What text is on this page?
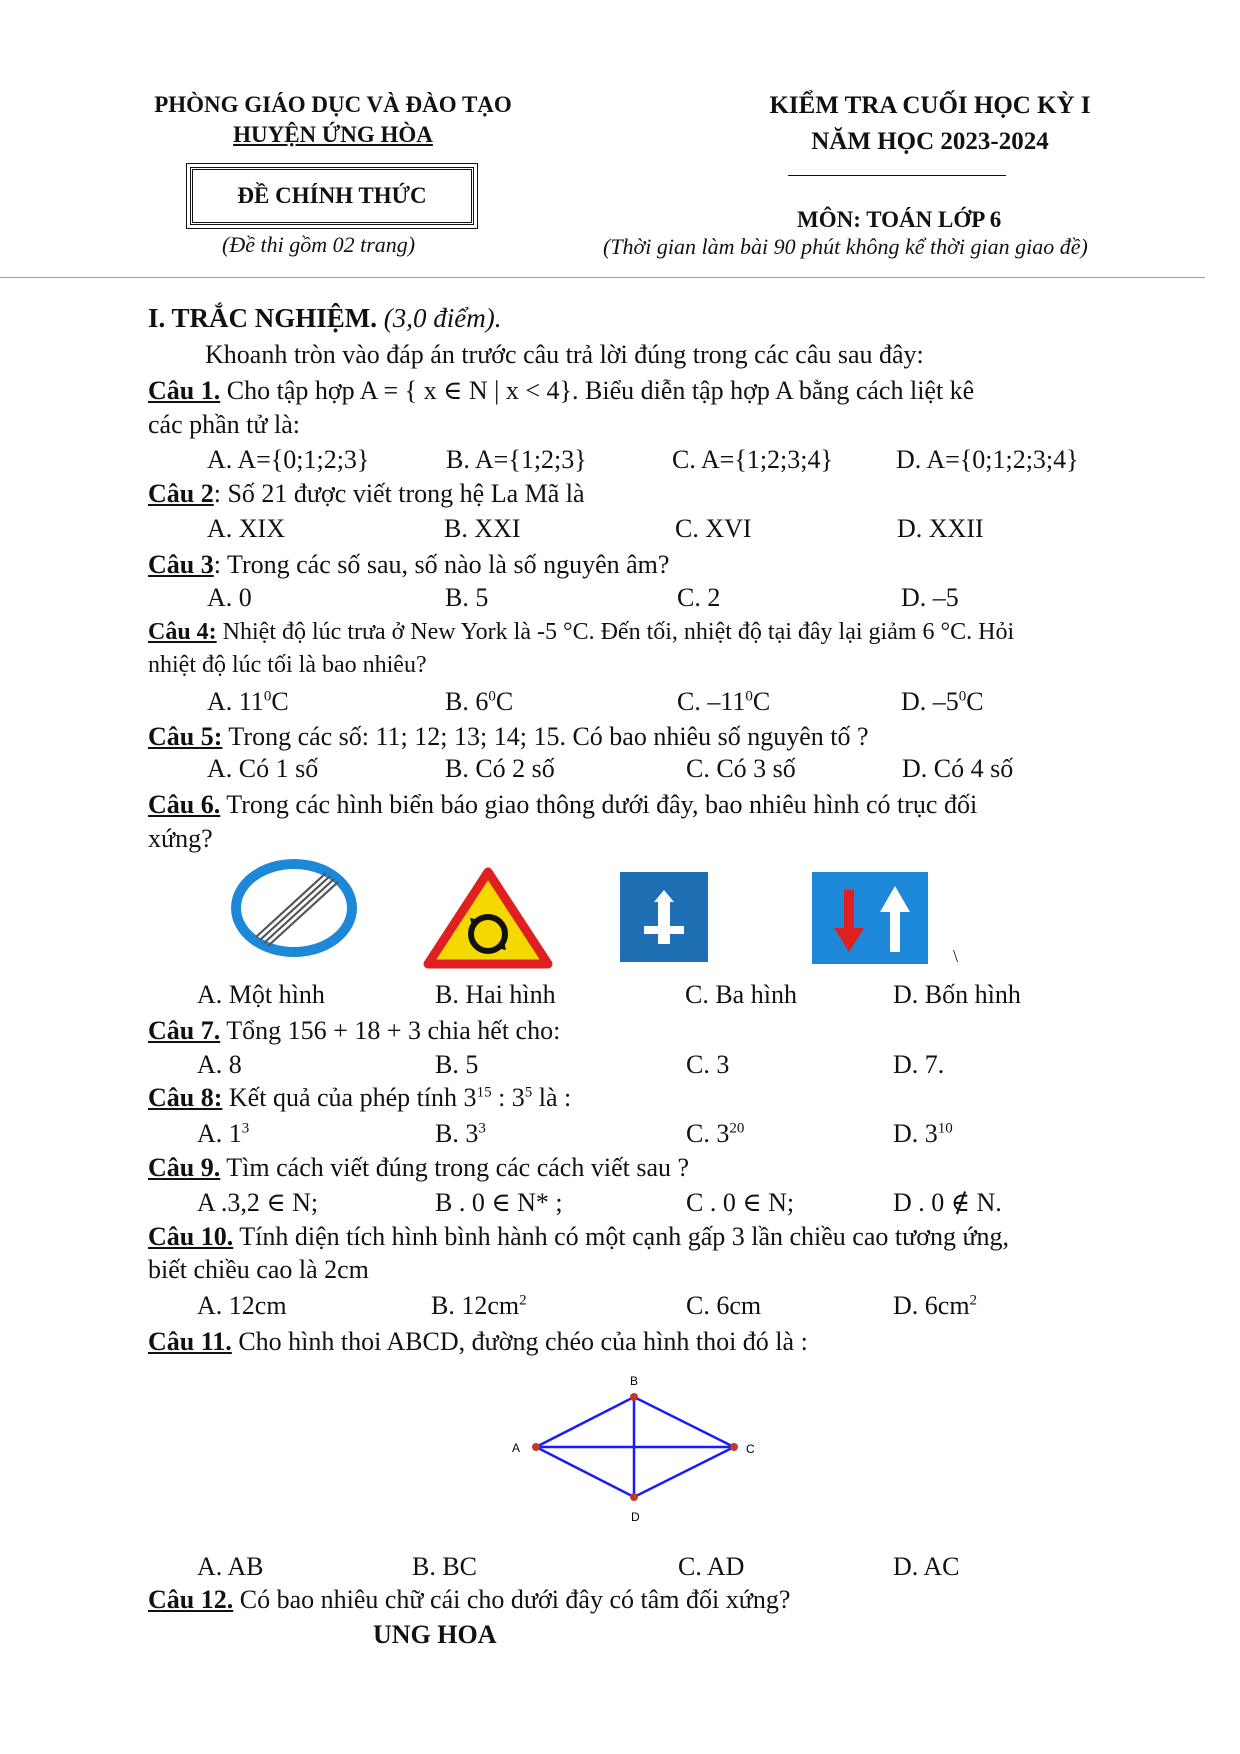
PHÒNG GIÁO DỤC VÀ ĐÀO TẠO
HUYỆN ỨNG HÒA
ĐỀ CHÍNH THỨC
(Đề thi gồm 02 trang)
KIỂM TRA CUỐI HỌC KỲ I
NĂM HỌC 2023-2024
MÔN: TOÁN LỚP 6
(Thời gian làm bài 90 phút không kể thời gian giao đề)
I. TRẮC NGHIỆM. (3,0 điểm).
Khoanh tròn vào đáp án trước câu trả lời đúng trong các câu sau đây:
Câu 1. Cho tập hợp A = { x ∈ N | x < 4}. Biểu diễn tập hợp A bằng cách liệt kê
các phần tử là:
A. A={0;1;2;3}	B. A={1;2;3}	C. A={1;2;3;4} D. A={0;1;2;3;4}
Câu 2: Số 21 được viết trong hệ La Mã là
A. XIX	B. XXI	C. XVI	D. XXII
Câu 3: Trong các số sau, số nào là số nguyên âm?
A. 0	B. 5	C. 2	D. –5
Câu 4: Nhiệt độ lúc trưa ở New York là -5 °C. Đến tối, nhiệt độ tại đây lại giảm 6 °C. Hỏi
nhiệt độ lúc tối là bao nhiêu?
A. $11^0C$	B. $6^0C$	C. $-11^0C$	D. $-5^0C$
Câu 5: Trong các số: 11; 12; 13; 14; 15. Có bao nhiêu số nguyên tố ?
A. Có 1 số	B. Có 2 số	C. Có 3 số	D. Có 4 số
Câu 6. Trong các hình biển báo giao thông dưới đây, bao nhiêu hình có trục đối
xứng?
\
A. Một hình	B. Hai hình	C. Ba hình	D. Bốn hình
Câu 7. Tổng 156 + 18 + 3 chia hết cho:
A. 8	B. 5	C. 3	D. 7.
Câu 8: Kết quả của phép tính $3^{15}$ : $3^5$ là :
A. $1^3$	B. $3^3$	C. $3^{20}$	D. $3^{10}$
Câu 9. Tìm cách viết đúng trong các cách viết sau ?
A .3,2 ∈ N;	B . 0 ∈ N* ;	C . 0 ∈ N;	D . 0 ∉ N.
Câu 10. Tính diện tích hình bình hành có một cạnh gấp 3 lần chiều cao tương ứng,
biết chiều cao là 2cm
A. 12cm	B. $12cm^2$	C. 6cm	D. $6cm^2$
Câu 11. Cho hình thoi ABCD, đường chéo của hình thoi đó là :
B
A	C
D
A. AB	B. BC	C. AD	D. AC
Câu 12. Có bao nhiêu chữ cái cho dưới đây có tâm đối xứng?
UNG HOA
